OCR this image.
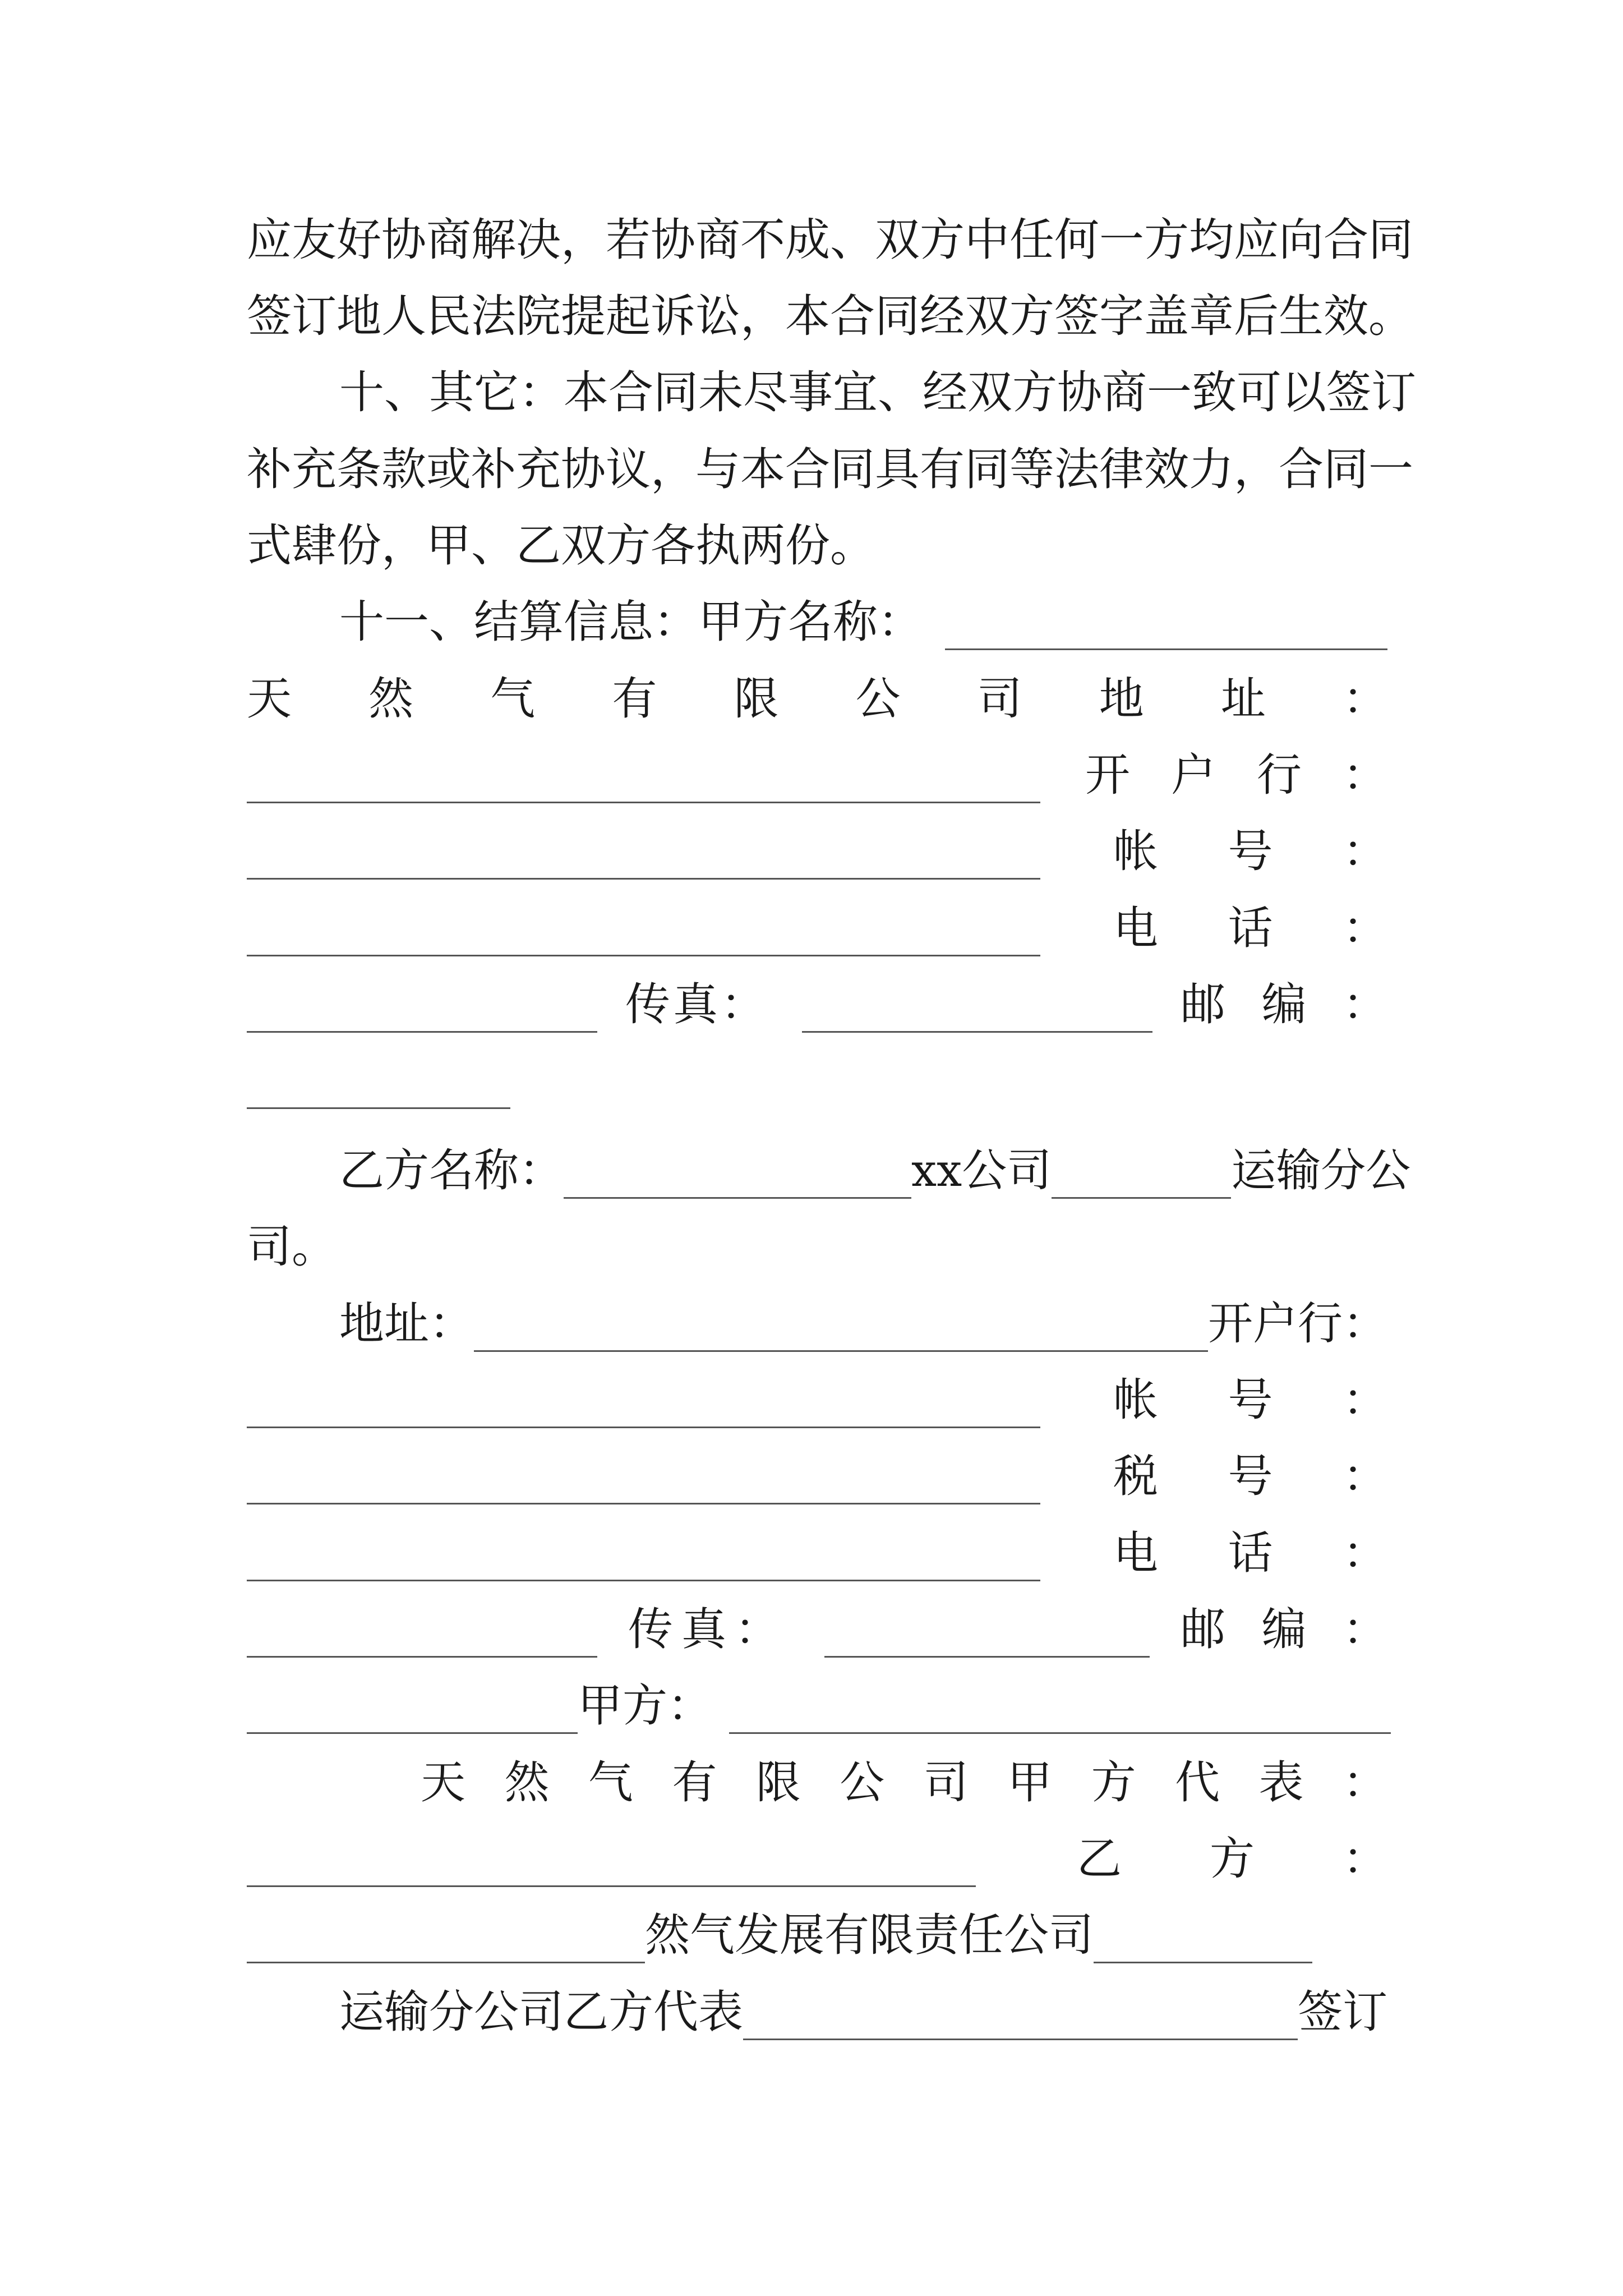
应友好协商解决，若协商不成、双方中任何一方均应向合同
签订地人民法院提起诉讼，本合同经双方签字盖章后生效。
十、其它：本合同未尽事宜、经双方协商一致可以签订
补充条款或补充协议，与本合同具有同等法律效力，合同一
式肆份，甲、乙双方各执两份。
十一、结算信息：甲方名称：
天 然 气 有 限 公 司 地 址 ：
开 户 行 ：
帐 号 ：
电 话 ：
传 真 ：	邮 编 ：
乙方名称：	xx公司	运输分公
司。
地址：	开户行：
帐 号 ：
税 号 ：
电 话 ：
传 真 ：	邮 编 ：
甲方：
天 然 气 有 限 公 司 甲 方 代 表 ：
乙 方 ：
然气发展有限责任公司
运输分公司乙方代表	签订
